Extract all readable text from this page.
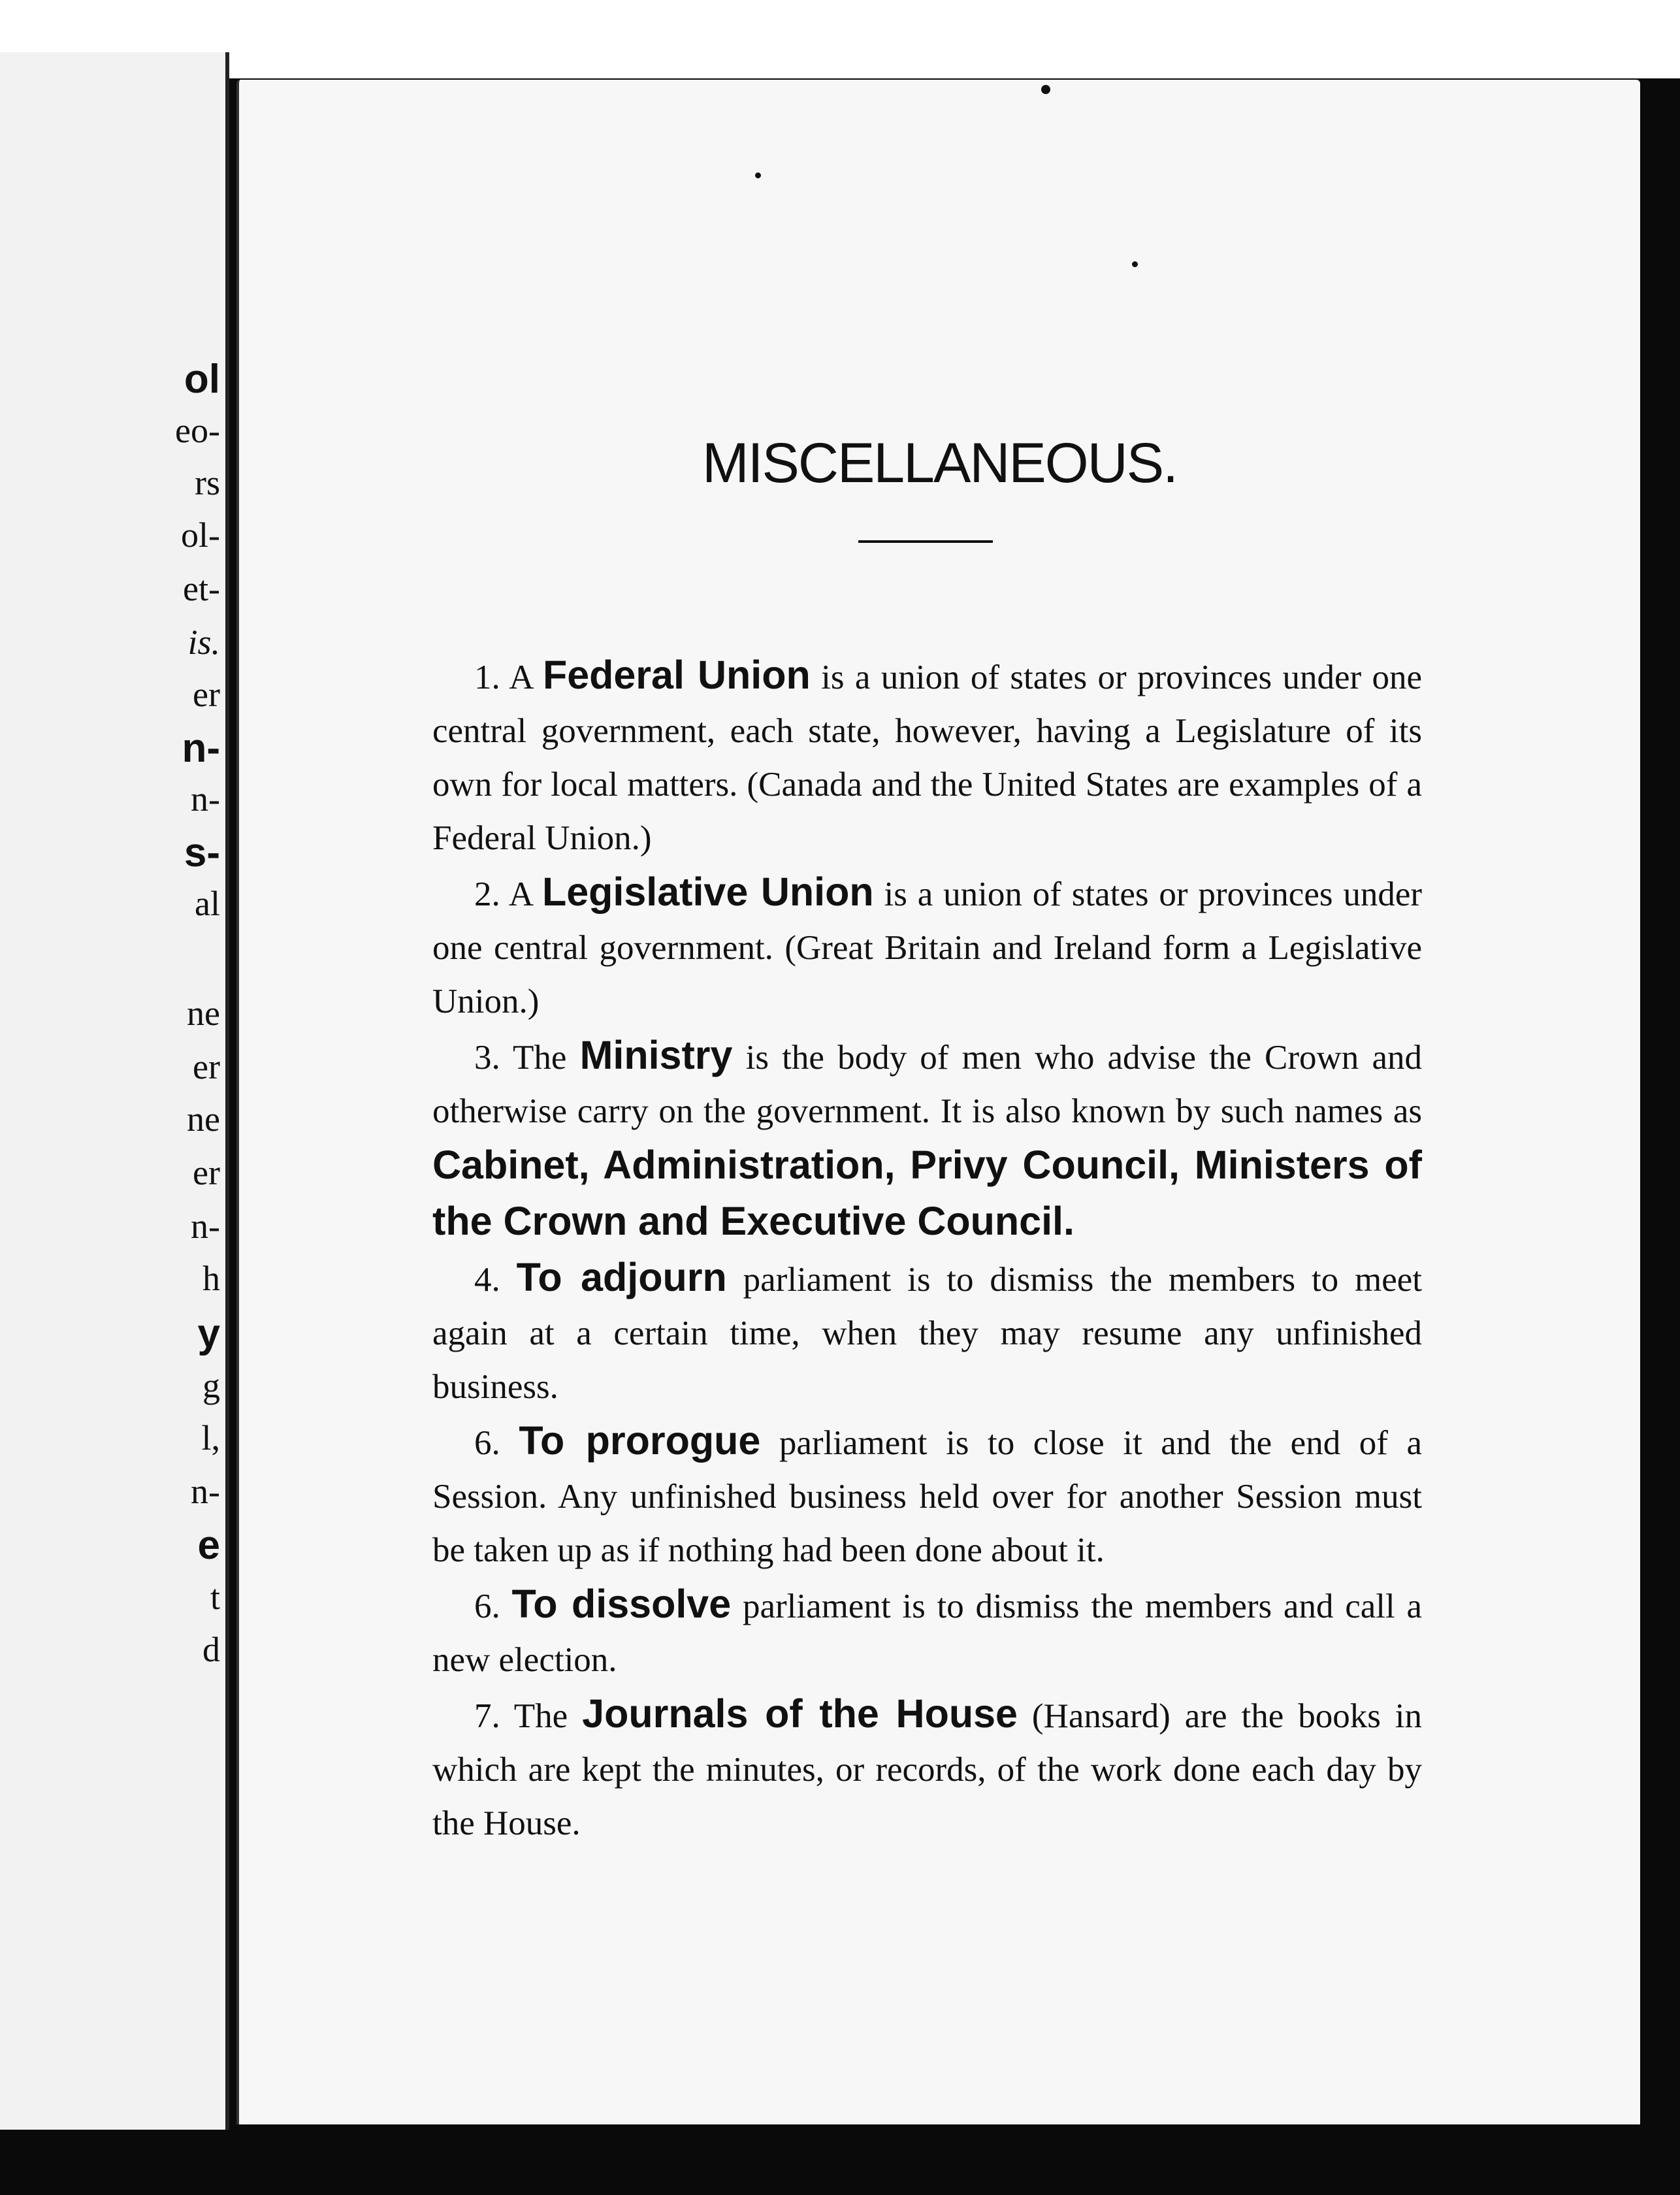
ol
eo-
rs
ol-
et-
is.
er
n-
n-
s-
al
ne
er
ne
er
n-
h
y
g
l,
n-
e
t
d
MISCELLANEOUS.

1. A Federal Union is a union of states or provinces under one central government, each state, however, having a Legislature of its own for local matters. (Canada and the United States are examples of a Federal Union.)

2. A Legislative Union is a union of states or provinces under one central government. (Great Britain and Ireland form a Legislative Union.)

3. The Ministry is the body of men who advise the Crown and otherwise carry on the government. It is also known by such names as Cabinet, Administration, Privy Council, Ministers of the Crown and Executive Council.

4. To adjourn parliament is to dismiss the members to meet again at a certain time, when they may resume any unfinished business.

6. To prorogue parliament is to close it and the end of a Session. Any unfinished business held over for another Session must be taken up as if nothing had been done about it.

6. To dissolve parliament is to dismiss the members and call a new election.

7. The Journals of the House (Hansard) are the books in which are kept the minutes, or records, of the work done each day by the House.
